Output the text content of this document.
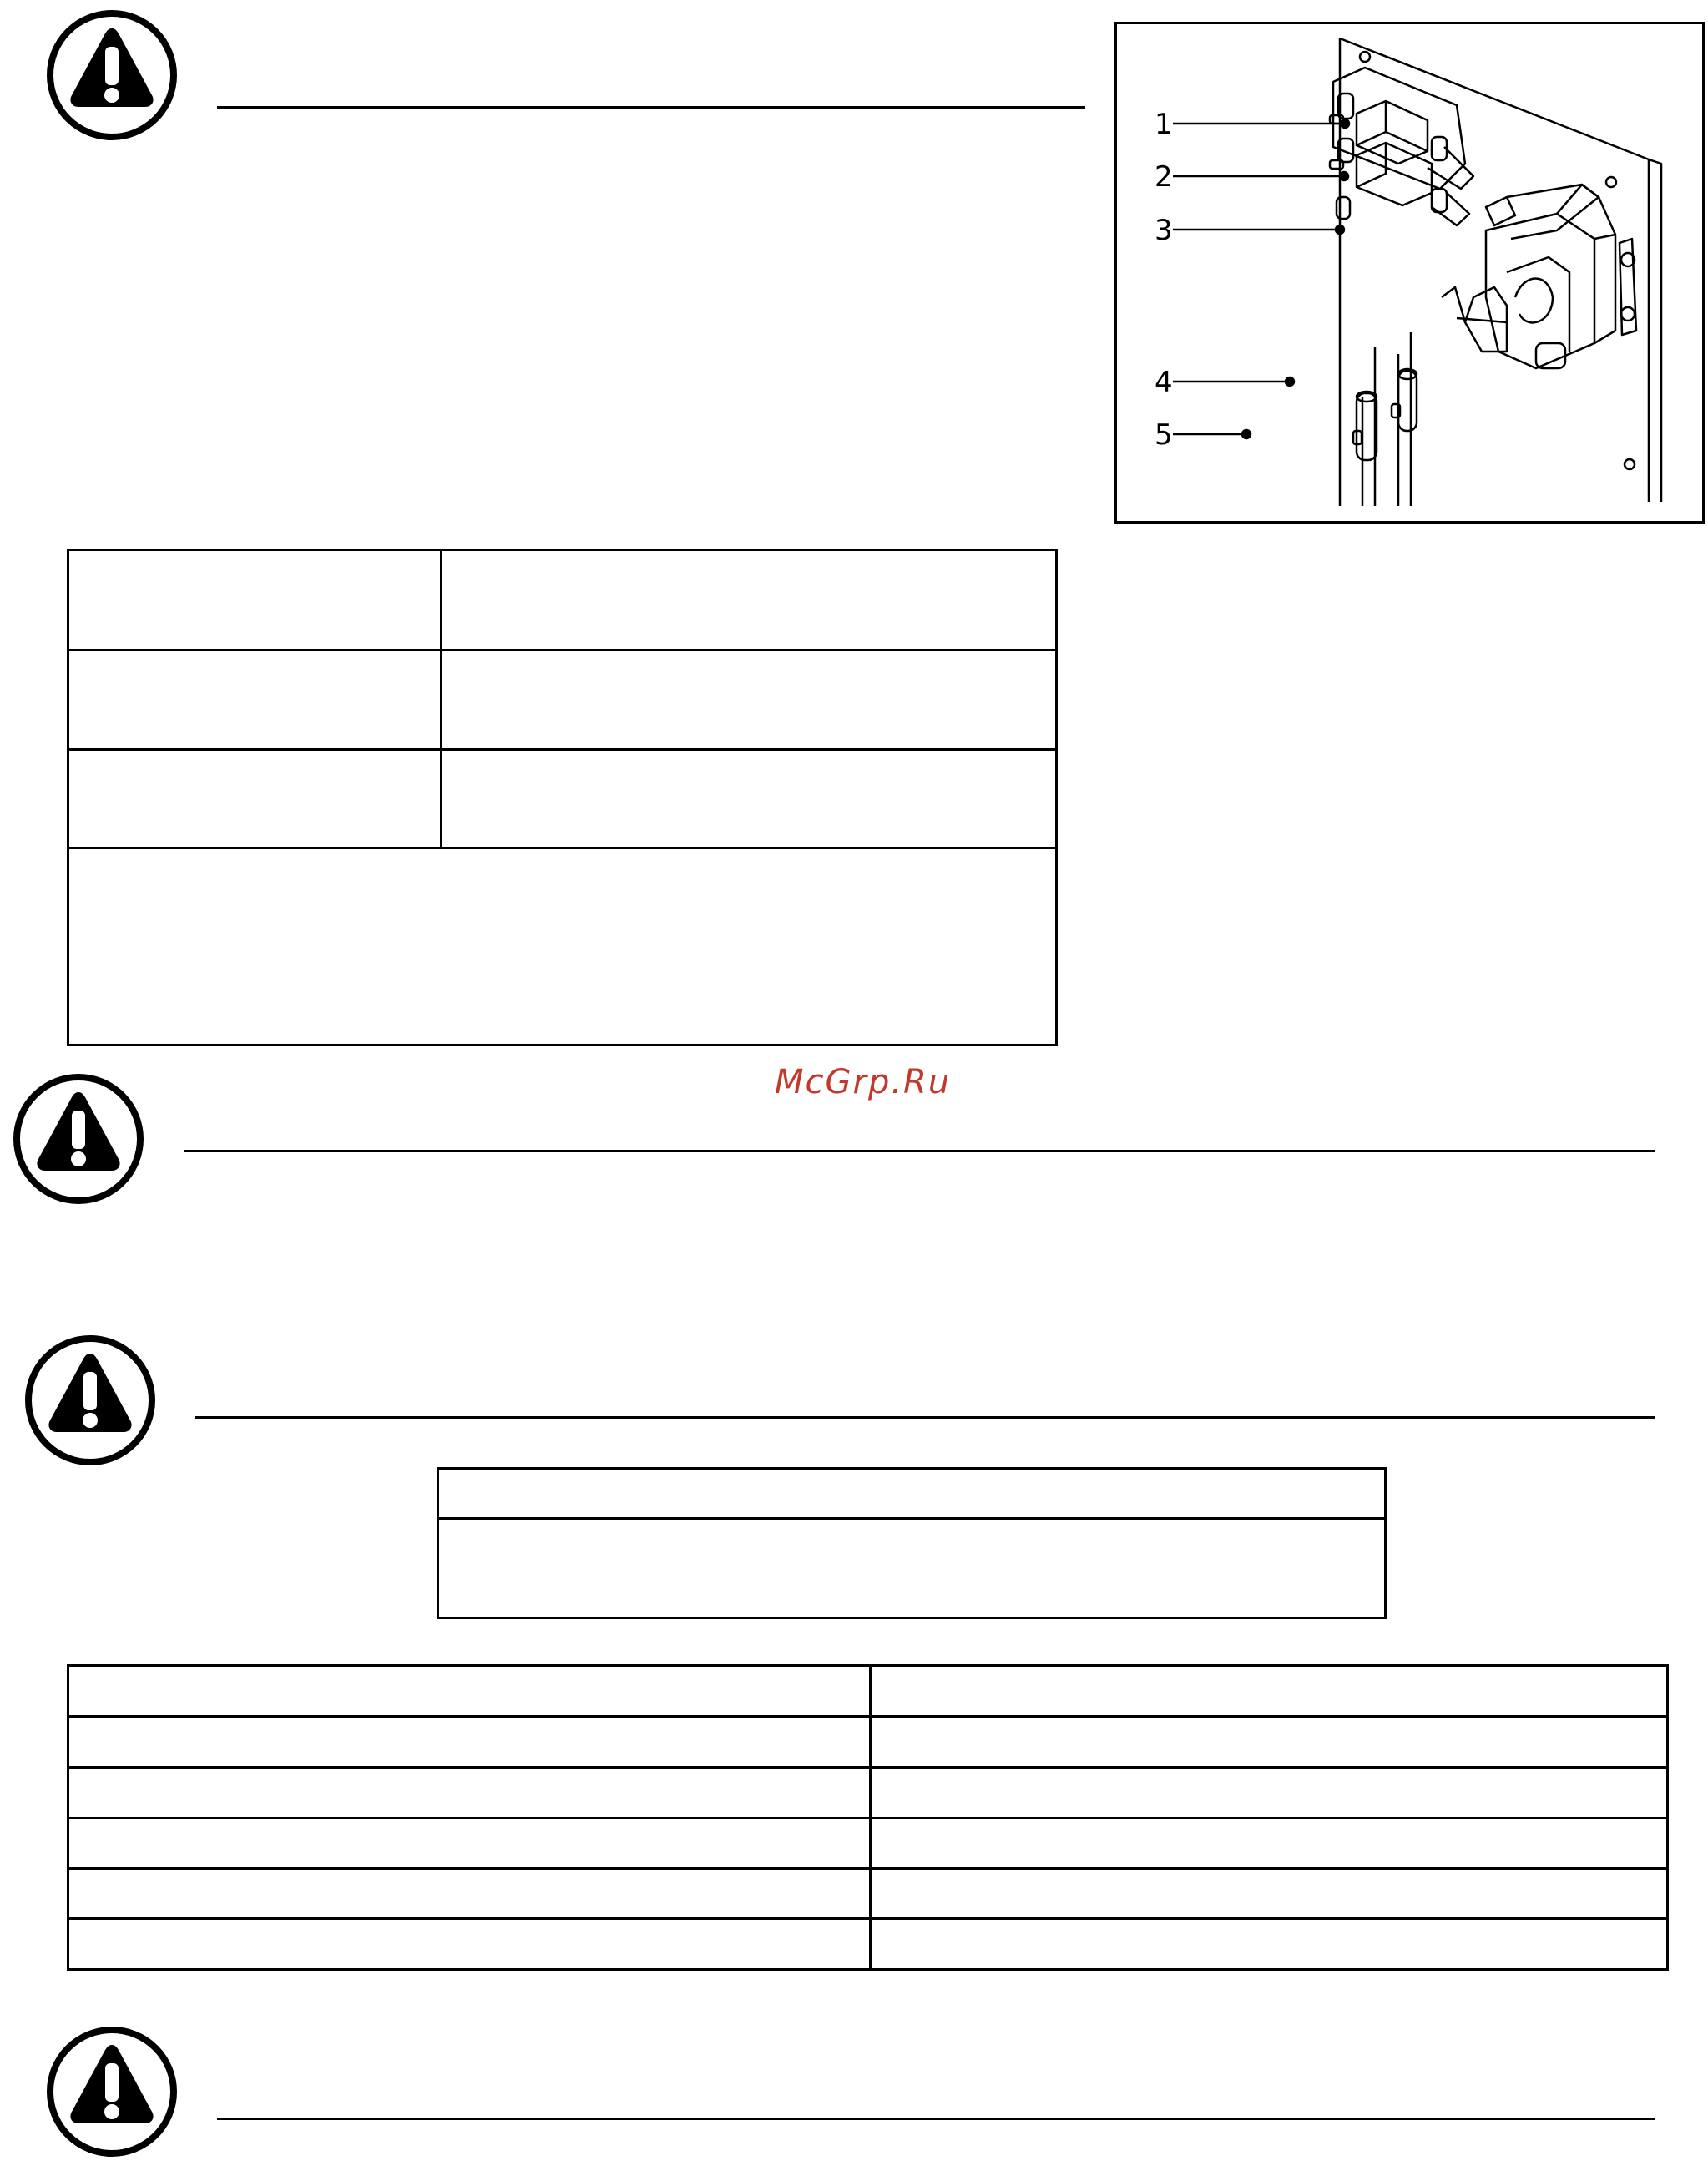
1
2
3
4
5
McGrp.Ru
